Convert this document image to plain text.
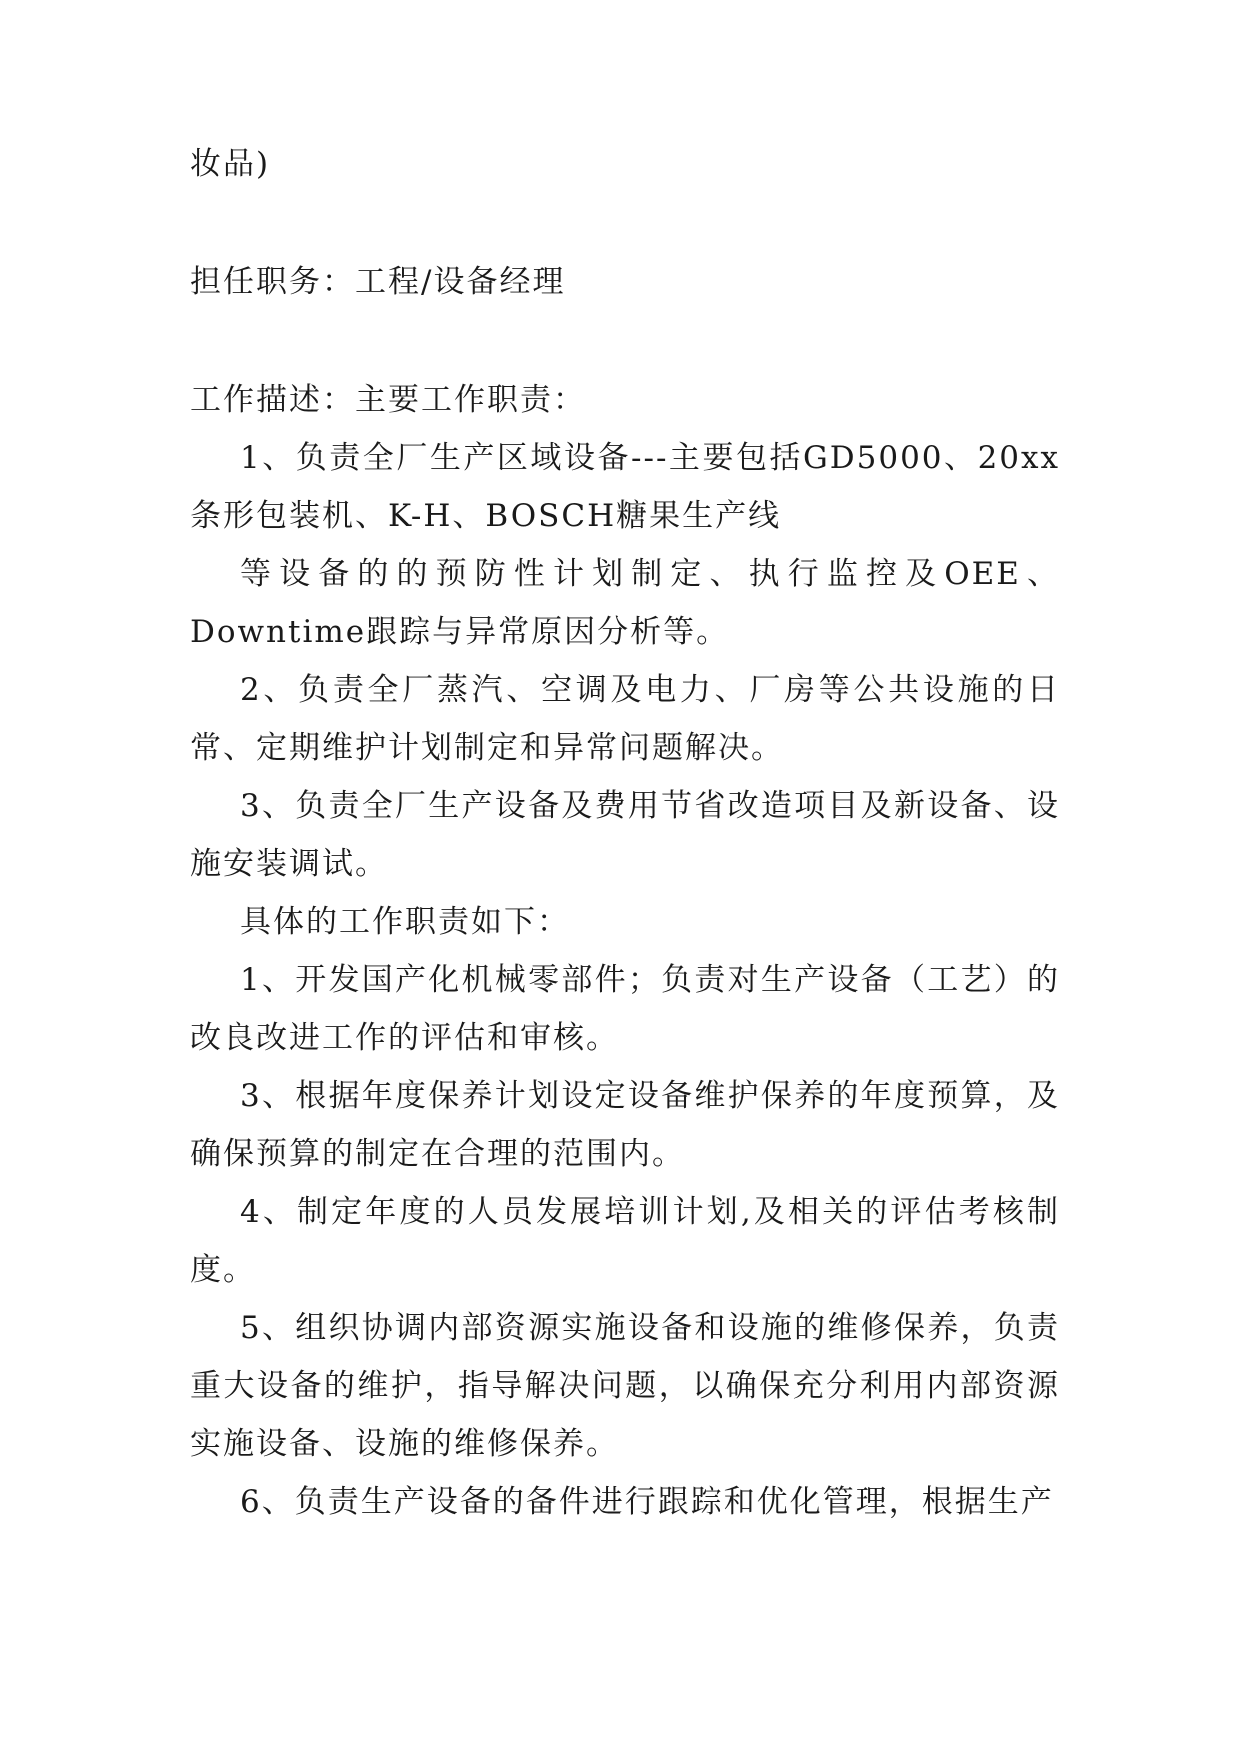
妆品)

担任职务：工程/设备经理

工作描述：主要工作职责：

1、负责全厂生产区域设备---主要包括GD5000、20xx条形包装机、K-H、BOSCH糖果生产线

等设备的的预防性计划制定、执行监控及OEE、Downtime跟踪与异常原因分析等。

2、负责全厂蒸汽、空调及电力、厂房等公共设施的日常、定期维护计划制定和异常问题解决。

3、负责全厂生产设备及费用节省改造项目及新设备、设施安装调试。

具体的工作职责如下：

1、开发国产化机械零部件；负责对生产设备（工艺）的改良改进工作的评估和审核。

3、根据年度保养计划设定设备维护保养的年度预算，及确保预算的制定在合理的范围内。

4、制定年度的人员发展培训计划,及相关的评估考核制度。

5、组织协调内部资源实施设备和设施的维修保养，负责重大设备的维护，指导解决问题，以确保充分利用内部资源实施设备、设施的维修保养。

6、负责生产设备的备件进行跟踪和优化管理，根据生产
